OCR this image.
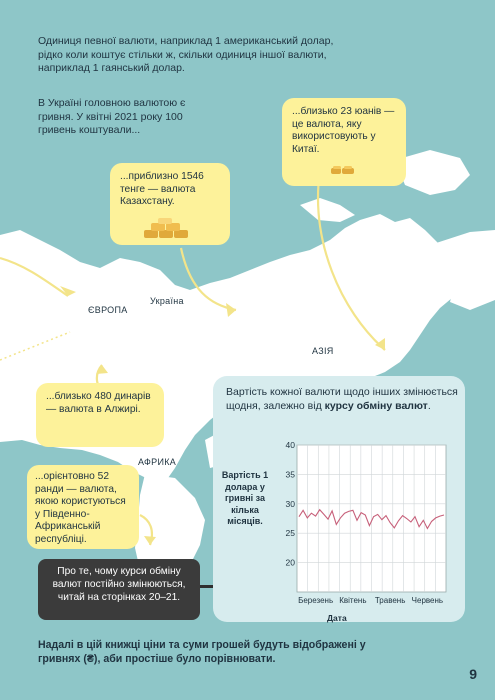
Одиниця певної валюти, наприклад 1 американський долар, рідко коли коштує стільки ж, скільки одиниця іншої валюти, наприклад 1 гаянський долар.
В Україні головною валютою є гривня. У квітні 2021 року 100 гривень коштували...
ЄВРОПА
Україна
АЗІЯ
АФРИКА
...близько 23 юанів — це валюта, яку використовують у Китаї.
...приблизно 1546 тенге — валюта Казахстану.
...близько 480 динарів — валюта в Алжирі.
...орієнтовно 52 ранди — валюта, якою користуються у Південно-Африканській республіці.
Вартість кожної валюти щодо інших змінюється щодня, залежно від курсу обміну валют.
Вартість 1 долара у гривні за кілька місяців.
20
25
30
35
40
Березень Квітень Травень Червень
Дата
Про те, чому курси обміну валют постійно змінюються, читай на сторінках 20–21.
Надалі в цій книжці ціни та суми грошей будуть відображені у гривнях (₴), аби простіше було порівнювати.
9
